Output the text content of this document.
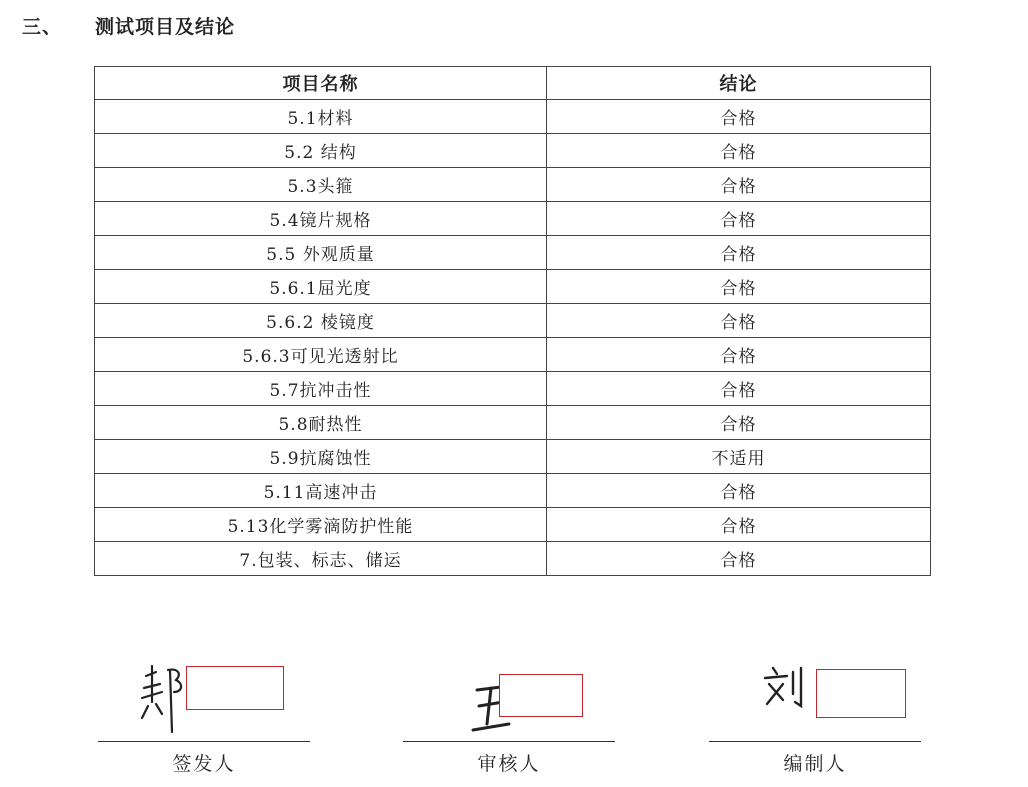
三、 测试项目及结论
项目名称	结论
5.1材料	合格
5.2 结构	合格
5.3头箍	合格
5.4镜片规格	合格
5.5 外观质量	合格
5.6.1屈光度	合格
5.6.2 棱镜度	合格
5.6.3可见光透射比	合格
5.7抗冲击性	合格
5.8耐热性	合格
5.9抗腐蚀性	不适用
5.11高速冲击	合格
5.13化学雾滴防护性能	合格
7.包装、标志、储运	合格
签发人	审核人	编制人
